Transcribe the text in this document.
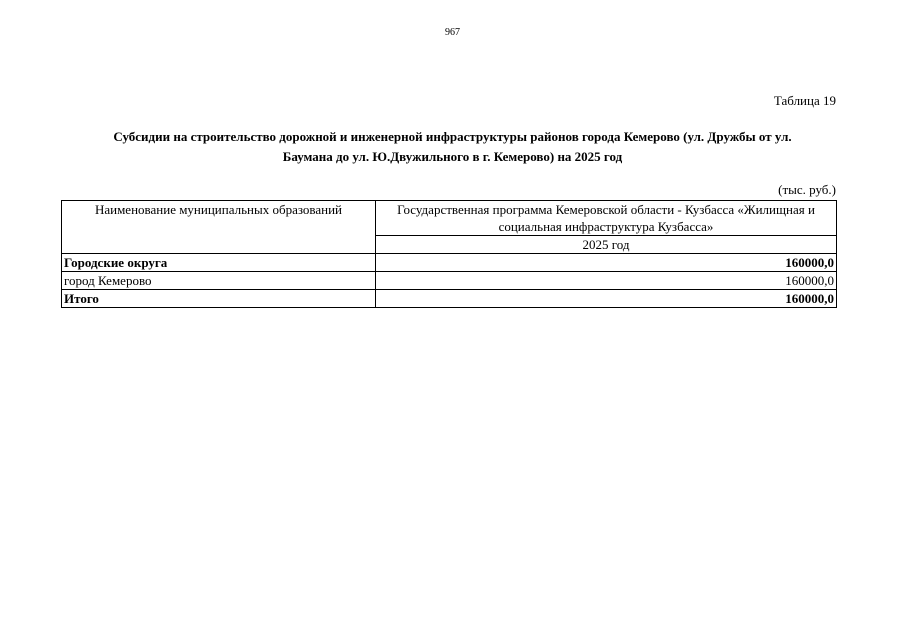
967
Таблица 19
Субсидии на строительство дорожной и инженерной инфраструктуры районов города Кемерово (ул. Дружбы от ул.
Баумана до ул. Ю.Двужильного в г. Кемерово) на 2025 год
(тыс. руб.)
Наименование муниципальных образований	Государственная программа Кемеровской области - Кузбасса «Жилищная и социальная инфраструктура Кузбасса»
	2025 год
Городские округа	160000,0
город Кемерово	160000,0
Итого	160000,0
